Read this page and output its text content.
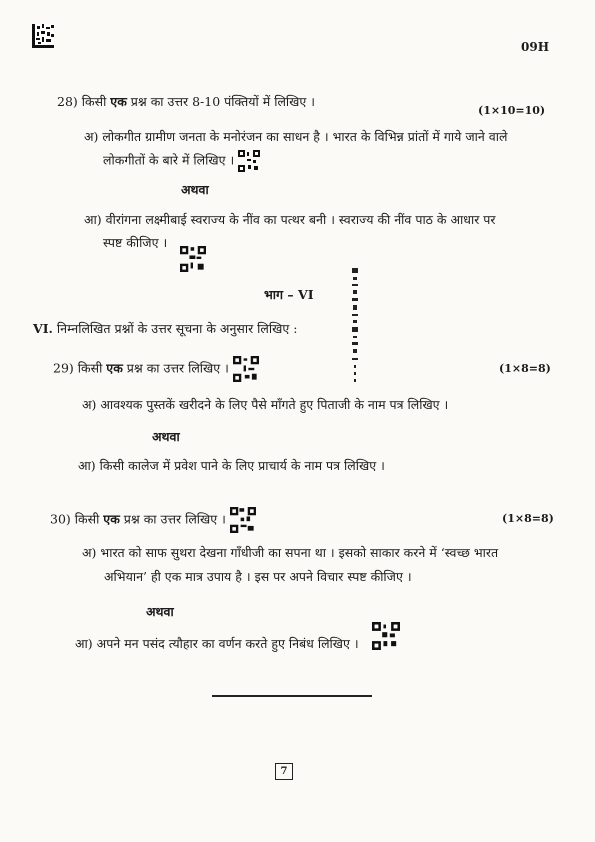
09H
28) किसी एक प्रश्न का उत्तर 8-10 पंक्तियों में लिखिए ।
(1×10=10)
अ) लोकगीत ग्रामीण जनता के मनोरंजन का साधन है । भारत के विभिन्न प्रांतों में गाये जाने वाले
लोकगीतों के बारे में लिखिए ।
अथवा
आ) वीरांगना लक्ष्मीबाई स्वराज्य के नींव का पत्थर बनी । स्वराज्य की नींव पाठ के आधार पर
स्पष्ट कीजिए ।
भाग – VI
VI. निम्नलिखित प्रश्नों के उत्तर सूचना के अनुसार लिखिए :
29) किसी एक प्रश्न का उत्तर लिखिए ।	(1×8=8)
अ) आवश्यक पुस्तकें खरीदने के लिए पैसे माँगते हुए पिताजी के नाम पत्र लिखिए ।
अथवा
आ) किसी कालेज में प्रवेश पाने के लिए प्राचार्य के नाम पत्र लिखिए ।
30) किसी एक प्रश्न का उत्तर लिखिए ।	(1×8=8)
अ) भारत को साफ सुथरा देखना गाँधीजी का सपना था । इसको साकार करने में ‘स्वच्छ भारत
अभियान’ ही एक मात्र उपाय है । इस पर अपने विचार स्पष्ट कीजिए ।
अथवा
आ) अपने मन पसंद त्यौहार का वर्णन करते हुए निबंध लिखिए ।
7
